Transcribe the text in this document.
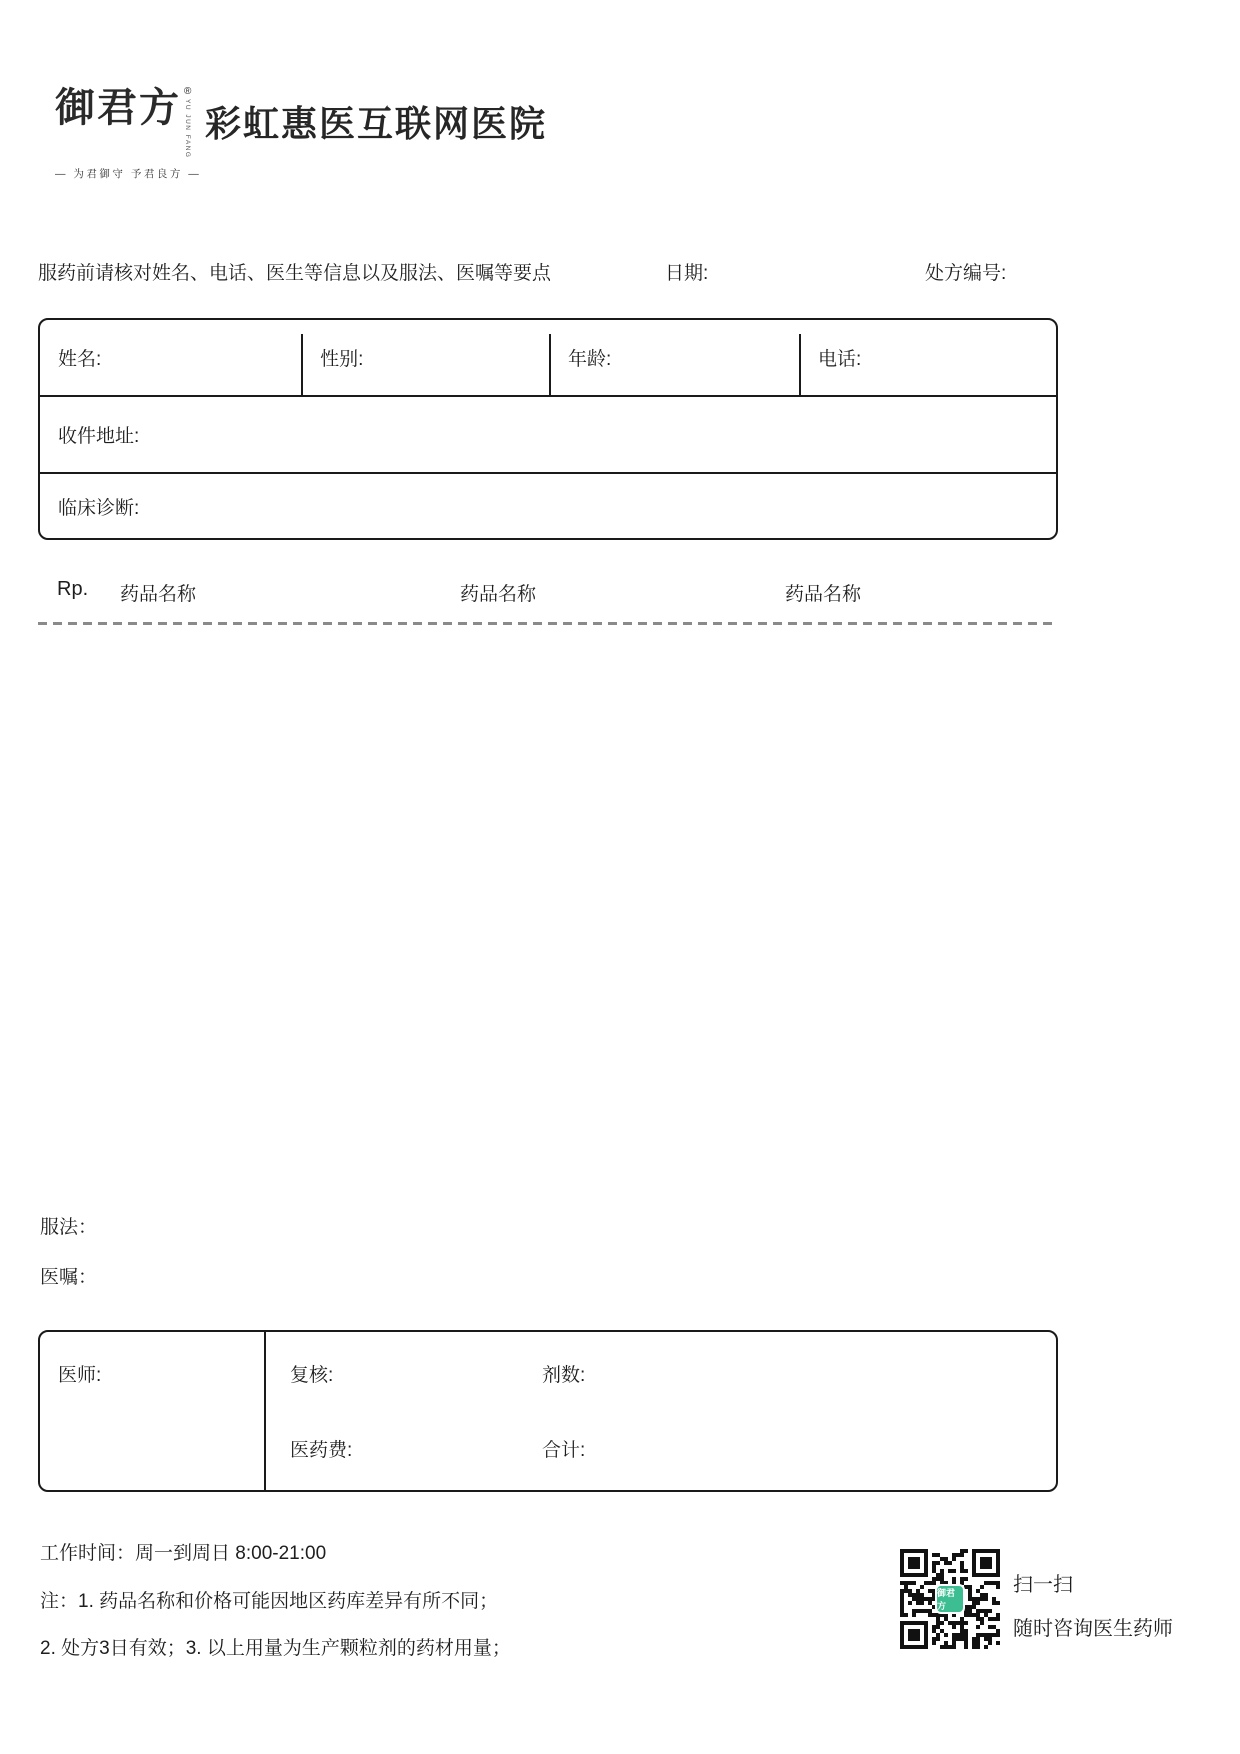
御君方 ®
YU JUN FANG
— 为君御守 予君良方 —
彩虹惠医互联网医院
服药前请核对姓名、电话、医生等信息以及服法、医嘱等要点	日期:	处方编号:
姓名:	性别:	年龄:	电话:
收件地址:
临床诊断:
Rp. 药品名称	药品名称	药品名称
服法：
医嘱：
医师:	复核:	剂数:
医药费:	合计:
工作时间：周一到周日 8:00-21:00
注：1. 药品名称和价格可能因地区药库差异有所不同；
2. 处方3日有效；3. 以上用量为生产颗粒剂的药材用量；
御君方
扫一扫
随时咨询医生药师
